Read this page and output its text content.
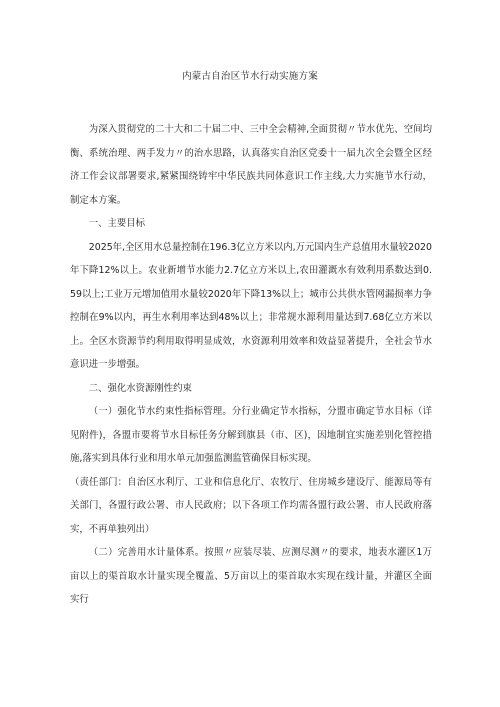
内蒙古自治区节水行动实施方案

为深入贯彻党的二十大和二十届二中、三中全会精神,全面贯彻〃节水优先、空间均衡、系统治理、两手发力〃的治水思路，认真落实自治区党委十一届九次全会暨全区经济工作会议部署要求,紧紧围绕铸牢中华民族共同体意识工作主线,大力实施节水行动，制定本方案。

一、主要目标

2025年,全区用水总量控制在196.3亿立方米以内,万元国内生产总值用水量较2020年下降12%以上。农业新增节水能力2.7亿立方米以上,农田灌溉水有效利用系数达到0.59以上;工业万元增加值用水量较2020年下降13%以上；城市公共供水管网漏损率力争控制在9%以内，再生水利用率达到48%以上；非常规水源利用量达到7.68亿立方米以上。全区水资源节约利用取得明显成效，水资源利用效率和效益显著提升，全社会节水意识进一步增强。

二、强化水资源刚性约束

（一）强化节水约束性指标管理。分行业确定节水指标，分盟市确定节水目标（详见附件)，各盟市要将节水目标任务分解到旗县（市、区)，因地制宜实施差别化管控措施,落实到具体行业和用水单元加强监测监管确保目标实现。

（责任部门：自治区水利厅、工业和信息化厅、农牧厅、住房城乡建设厅、能源局等有关部门，各盟行政公署、市人民政府；以下各项工作均需各盟行政公署、市人民政府落实，不再单独列出）

（二）完善用水计量体系。按照〃应装尽装、应测尽测〃的要求，地表水灌区1万亩以上的渠首取水计量实现全覆盖、5万亩以上的渠首取水实现在线计量，并灌区全面实行
